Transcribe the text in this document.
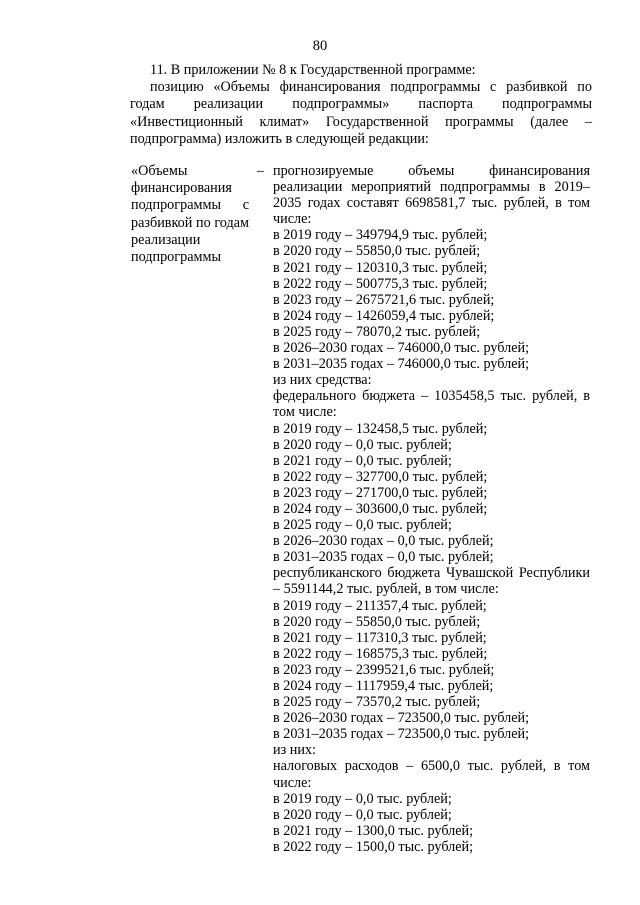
80
11. В приложении № 8 к Государственной программе:
позицию «Объемы финансирования подпрограммы с разбивкой по годам реализации подпрограммы» паспорта подпрограммы «Инвестиционный климат» Государственной программы (далее – подпрограмма) изложить в следующей редакции:
«Объемы финансирования подпрограммы с разбивкой по годам реализации подпрограммы
– прогнозируемые объемы финансирования реализации мероприятий подпрограммы в 2019–2035 годах составят 6698581,7 тыс. рублей, в том числе:
в 2019 году – 349794,9 тыс. рублей;
в 2020 году – 55850,0 тыс. рублей;
в 2021 году – 120310,3 тыс. рублей;
в 2022 году – 500775,3 тыс. рублей;
в 2023 году – 2675721,6 тыс. рублей;
в 2024 году – 1426059,4 тыс. рублей;
в 2025 году – 78070,2 тыс. рублей;
в 2026–2030 годах – 746000,0 тыс. рублей;
в 2031–2035 годах – 746000,0 тыс. рублей;
из них средства:
федерального бюджета – 1035458,5 тыс. рублей, в том числе:
в 2019 году – 132458,5 тыс. рублей;
в 2020 году – 0,0 тыс. рублей;
в 2021 году – 0,0 тыс. рублей;
в 2022 году – 327700,0 тыс. рублей;
в 2023 году – 271700,0 тыс. рублей;
в 2024 году – 303600,0 тыс. рублей;
в 2025 году – 0,0 тыс. рублей;
в 2026–2030 годах – 0,0 тыс. рублей;
в 2031–2035 годах – 0,0 тыс. рублей;
республиканского бюджета Чувашской Республики – 5591144,2 тыс. рублей, в том числе:
в 2019 году – 211357,4 тыс. рублей;
в 2020 году – 55850,0 тыс. рублей;
в 2021 году – 117310,3 тыс. рублей;
в 2022 году – 168575,3 тыс. рублей;
в 2023 году – 2399521,6 тыс. рублей;
в 2024 году – 1117959,4 тыс. рублей;
в 2025 году – 73570,2 тыс. рублей;
в 2026–2030 годах – 723500,0 тыс. рублей;
в 2031–2035 годах – 723500,0 тыс. рублей;
из них:
налоговых расходов – 6500,0 тыс. рублей, в том числе:
в 2019 году – 0,0 тыс. рублей;
в 2020 году – 0,0 тыс. рублей;
в 2021 году – 1300,0 тыс. рублей;
в 2022 году – 1500,0 тыс. рублей;
